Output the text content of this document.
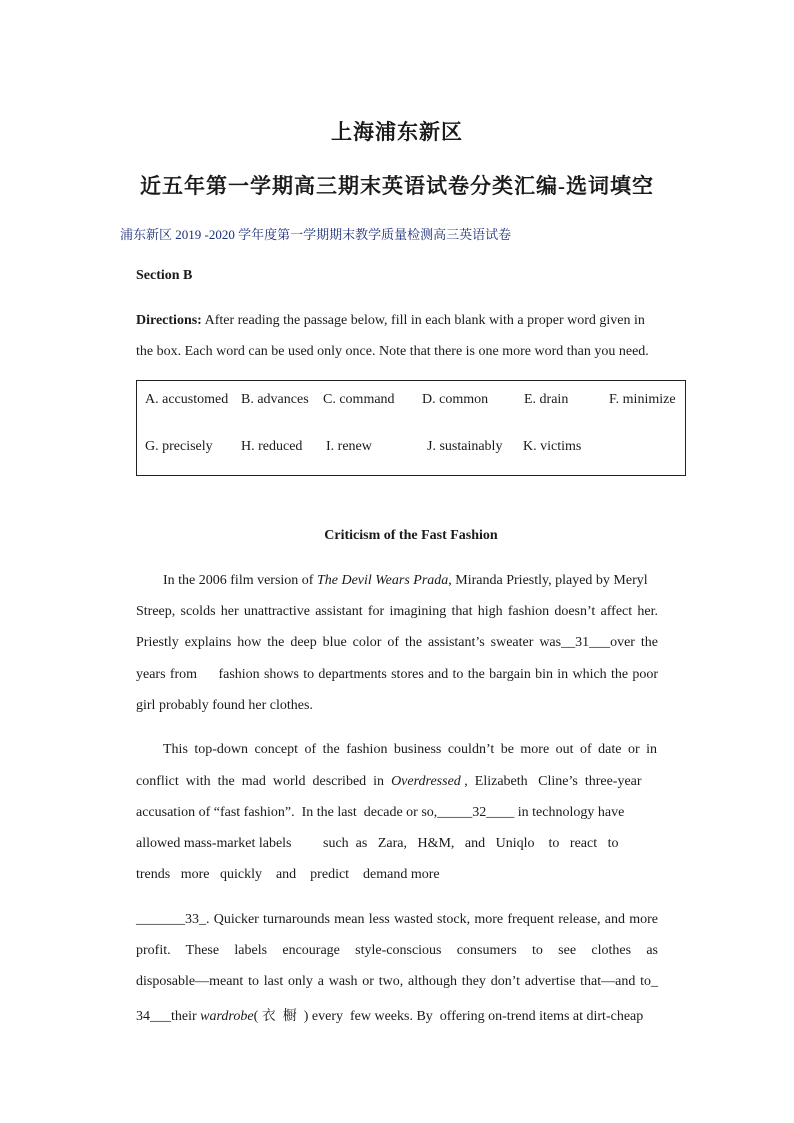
上海浦东新区
近五年第一学期高三期末英语试卷分类汇编-选词填空
浦东新区 2019 -2020 学年度第一学期期末教学质量检测高三英语试卷
Section B
Directions: After reading the passage below, fill in each blank with a proper word given in
the box. Each word can be used only once. Note that there is one more word than you need.
A. accustomed B. advances C. command D. common	E. drain	F. minimize
G. precisely H. reduced I. renew	J. sustainably K. victims
Criticism of the Fast Fashion
In the 2006 film version of The Devil Wears Prada, Miranda Priestly, played by Meryl
Streep, scolds her unattractive assistant for imagining that high fashion doesn’t affect her.
Priestly explains how the deep blue color of the assistant’s sweater was__31___over the
years from     fashion shows to departments stores and to the bargain bin in which the poor
girl probably found her clothes.
This top-down concept of the fashion business couldn’t be more out of date or in
conflict  with  the  mad  world  described  in  Overdressed ,  Elizabeth   Cline’s  three-year
accusation of “fast fashion”.  In the last  decade or so,_____32____ in technology have
allowed mass-market labels         such  as   Zara,   H&M,   and   Uniqlo    to   react   to
trends   more   quickly    and    predict    demand more
_______33_. Quicker turnarounds mean less wasted stock, more frequent release, and more
profit.   These   labels   encourage   style-conscious   consumers   to   see   clothes   as
disposable—meant to last only a wash or two, although they don’t advertise that—and to_
34___their wardrobe( 衣  橱  ) every  few weeks. By  offering on-trend items at dirt-cheap
